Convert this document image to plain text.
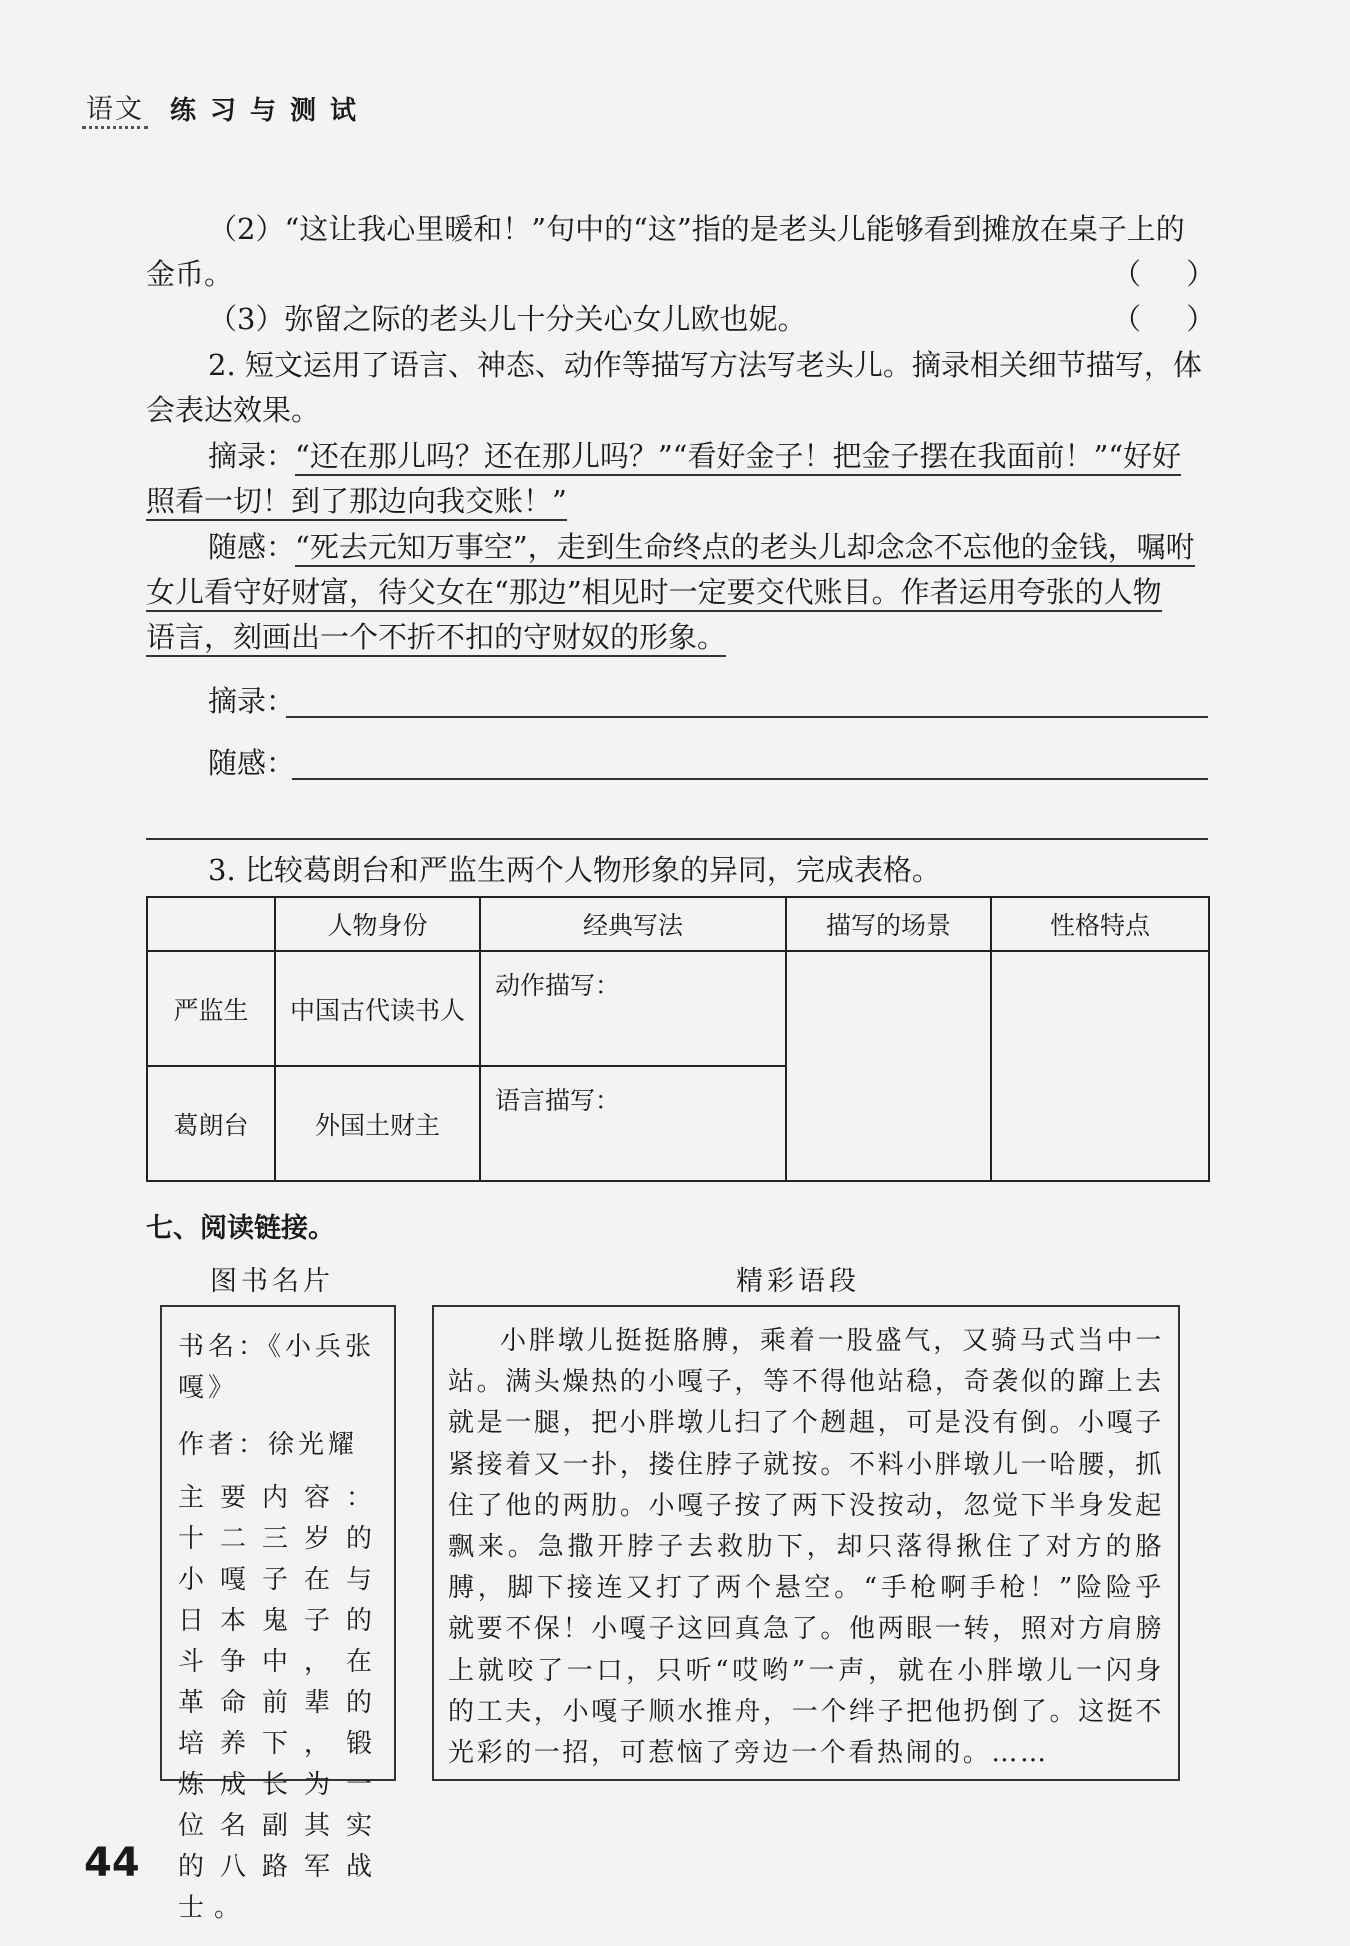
语文 练习与测试
（2）“这让我心里暖和！”句中的“这”指的是老头儿能够看到摊放在桌子上的
金币。	（ ）
（3）弥留之际的老头儿十分关心女儿欧也妮。	（ ）
2. 短文运用了语言、神态、动作等描写方法写老头儿。摘录相关细节描写，体
会表达效果。
摘录：“还在那儿吗？还在那儿吗？”“看好金子！把金子摆在我面前！”“好好
照看一切！到了那边向我交账！”
随感：“死去元知万事空”，走到生命终点的老头儿却念念不忘他的金钱，嘱咐
女儿看守好财富，待父女在“那边”相见时一定要交代账目。作者运用夸张的人物
语言，刻画出一个不折不扣的守财奴的形象。
摘录：
随感：
3. 比较葛朗台和严监生两个人物形象的异同，完成表格。
	人物身份	经典写法	描写的场景	性格特点
严监生	中国古代读书人	动作描写：		
葛朗台	外国土财主	语言描写：		
七、阅读链接。
图书名片	精彩语段

书名：《小兵张嘎》

作者：徐光耀

主要内容：十二三岁的小嘎子在与日本鬼子的斗争中，在革命前辈的培养下，锻炼成长为一位名副其实的八路军战士。

小胖墩儿挺挺胳膊，乘着一股盛气，又骑马式当中一站。满头燥热的小嘎子，等不得他站稳，奇袭似的蹿上去就是一腿，把小胖墩儿扫了个趔趄，可是没有倒。小嘎子紧接着又一扑，搂住脖子就按。不料小胖墩儿一哈腰，抓住了他的两肋。小嘎子按了两下没按动，忽觉下半身发起飘来。急撒开脖子去救肋下，却只落得揪住了对方的胳膊，脚下接连又打了两个悬空。“手枪啊手枪！”险险乎就要不保！小嘎子这回真急了。他两眼一转，照对方肩膀上就咬了一口，只听“哎哟”一声，就在小胖墩儿一闪身的工夫，小嘎子顺水推舟，一个绊子把他扔倒了。这挺不光彩的一招，可惹恼了旁边一个看热闹的。……

44
